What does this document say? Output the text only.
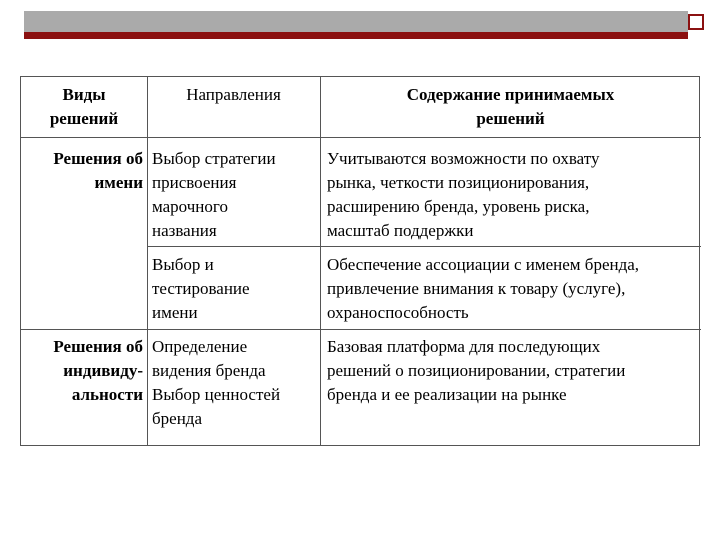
Виды
решений
Направления	Содержание принимаемых
решений
Решения об
имени
Выбор стратегии
присвоения
марочного
названия
Учитываются возможности по охвату
рынка, четкости позиционирования,
расширению бренда, уровень риска,
масштаб поддержки
Выбор и
тестирование
имени
Обеспечение ассоциации с именем бренда,
привлечение внимания к товару (услуге),
охраноспособность
Решения об
индивиду-
альности
Определение
видения бренда
Выбор ценностей
бренда
Базовая платформа для последующих
решений о позиционировании, стратегии
бренда и ее реализации на рынке
